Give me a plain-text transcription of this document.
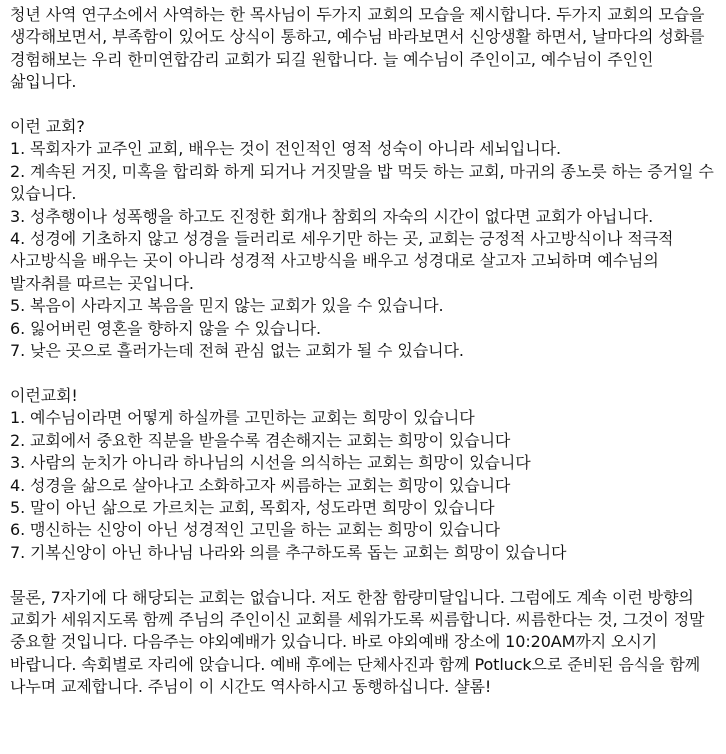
청년 사역 연구소에서 사역하는 한 목사님이 두가지 교회의 모습을 제시합니다. 두가지 교회의 모습을 생각해보면서, 부족함이 있어도 상식이 통하고, 예수님 바라보면서 신앙생활 하면서, 날마다의 성화를 경험해보는 우리 한미연합감리 교회가 되길 원합니다. 늘 예수님이 주인이고, 예수님이 주인인 삶입니다.

이런 교회?

1. 목회자가 교주인 교회, 배우는 것이 전인적인 영적 성숙이 아니라 세뇌입니다.
2. 계속된 거짓, 미혹을 합리화 하게 되거나 거짓말을 밥 먹듯 하는 교회, 마귀의 종노릇 하는 증거일 수 있습니다.
3. 성추행이나 성폭행을 하고도 진정한 회개나 참회의 자숙의 시간이 없다면 교회가 아닙니다.
4. 성경에 기초하지 않고 성경을 들러리로 세우기만 하는 곳, 교회는 긍정적 사고방식이나 적극적 사고방식을 배우는 곳이 아니라 성경적 사고방식을 배우고 성경대로 살고자 고뇌하며 예수님의 발자취를 따르는 곳입니다.
5. 복음이 사라지고 복음을 믿지 않는 교회가 있을 수 있습니다.
6. 잃어버린 영혼을 향하지 않을 수 있습니다.
7. 낮은 곳으로 흘러가는데 전혀 관심 없는 교회가 될 수 있습니다.

이런교회!

1. 예수님이라면 어떻게 하실까를 고민하는 교회는 희망이 있습니다
2. 교회에서 중요한 직분을 받을수록 겸손해지는 교회는 희망이 있습니다
3. 사람의 눈치가 아니라 하나님의 시선을 의식하는 교회는 희망이 있습니다
4. 성경을 삶으로 살아나고 소화하고자 씨름하는 교회는 희망이 있습니다
5. 말이 아닌 삶으로 가르치는 교회, 목회자, 성도라면 희망이 있습니다
6. 맹신하는 신앙이 아닌 성경적인 고민을 하는 교회는 희망이 있습니다
7. 기복신앙이 아닌 하나님 나라와 의를 추구하도록 돕는 교회는 희망이 있습니다

물론, 7자기에 다 해당되는 교회는 없습니다. 저도 한참 함량미달입니다. 그럼에도 계속 이런 방향의 교회가 세워지도록 함께 주님의 주인이신 교회를 세워가도록 씨름합니다. 씨름한다는 것, 그것이 정말 중요할 것입니다. 다음주는 야외예배가 있습니다. 바로 야외예배 장소에 10:20AM까지 오시기 바랍니다. 속회별로 자리에 앉습니다. 예배 후에는 단체사진과 함께 Potluck으로 준비된 음식을 함께 나누며 교제합니다. 주님이 이 시간도 역사하시고 동행하십니다. 샬롬!
